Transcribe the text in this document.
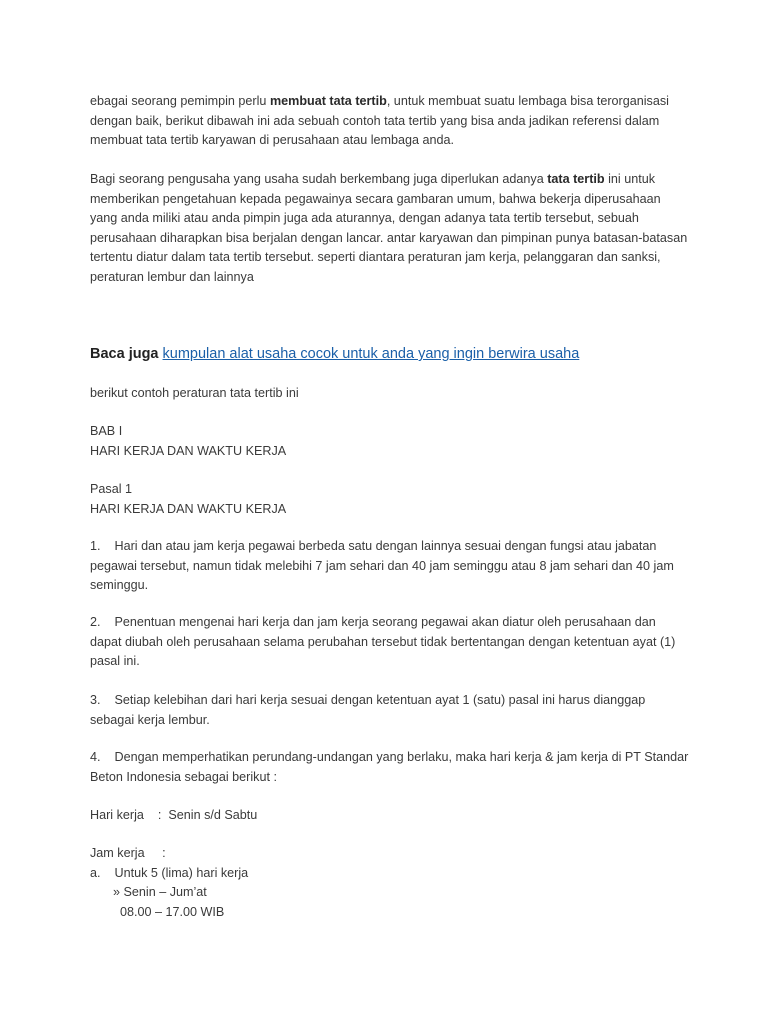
ebagai seorang pemimpin perlu membuat tata tertib, untuk membuat suatu lembaga bisa terorganisasi dengan baik, berikut dibawah ini ada sebuah contoh tata tertib yang bisa anda jadikan referensi dalam membuat tata tertib karyawan di perusahaan atau lembaga anda.

Bagi seorang pengusaha yang usaha sudah berkembang juga diperlukan adanya tata tertib ini untuk memberikan pengetahuan kepada pegawainya secara gambaran umum, bahwa bekerja diperusahaan yang anda miliki atau anda pimpin juga ada aturannya, dengan adanya tata tertib tersebut, sebuah perusahaan diharapkan bisa berjalan dengan lancar. antar karyawan dan pimpinan punya batasan-batasan tertentu diatur dalam tata tertib tersebut. seperti diantara peraturan jam kerja, pelanggaran dan sanksi, peraturan lembur dan lainnya

Baca juga kumpulan alat usaha cocok untuk anda yang ingin berwira usaha

berikut contoh peraturan tata tertib ini

BAB I
HARI KERJA DAN WAKTU KERJA

Pasal 1
HARI KERJA DAN WAKTU KERJA

1. Hari dan atau jam kerja pegawai berbeda satu dengan lainnya sesuai dengan fungsi atau jabatan pegawai tersebut, namun tidak melebihi 7 jam sehari dan 40 jam seminggu atau 8 jam sehari dan 40 jam seminggu.

2. Penentuan mengenai hari kerja dan jam kerja seorang pegawai akan diatur oleh perusahaan dan dapat diubah oleh perusahaan selama perubahan tersebut tidak bertentangan dengan ketentuan ayat (1) pasal ini.

3. Setiap kelebihan dari hari kerja sesuai dengan ketentuan ayat 1 (satu) pasal ini harus dianggap sebagai kerja lembur.

4. Dengan memperhatikan perundang-undangan yang berlaku, maka hari kerja & jam kerja di PT Standar Beton Indonesia sebagai berikut :

Hari kerja    :  Senin s/d Sabtu

Jam kerja     :
a.    Untuk 5 (lima) hari kerja
» Senin – Jum’at
08.00 – 17.00 WIB
